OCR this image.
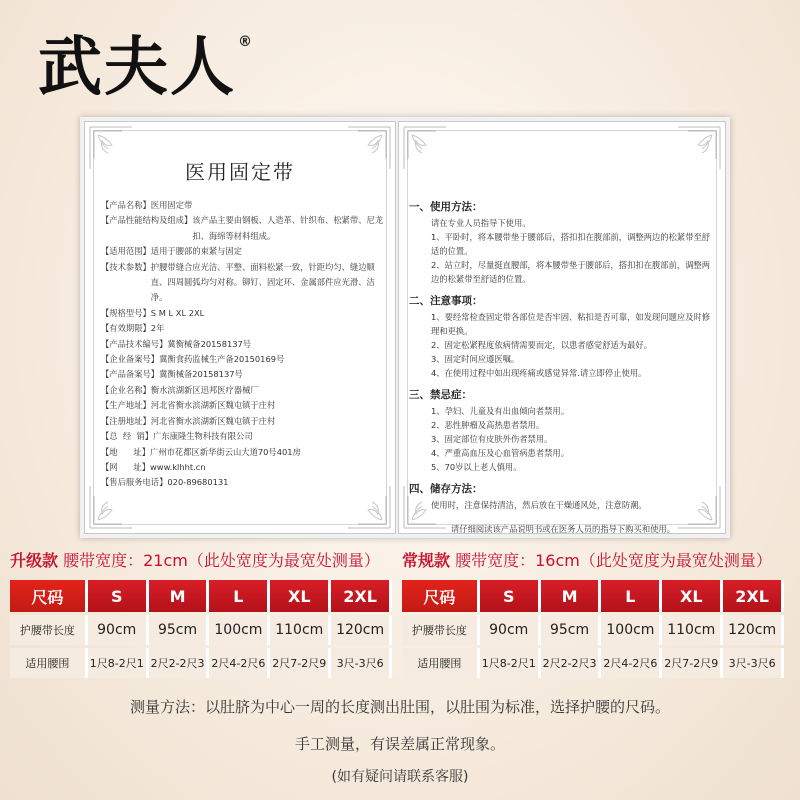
武夫人 ®
医用固定带
【产品名称】 医用固定带
【产品性能结构及组成】 该产品主要由钢板、人造革、针织布、松紧带、尼龙扣、海绵等材料组成。
【适用范围】 适用于腰部的束紧与固定
【技术参数】 护腰带缝合应光洁、平整、面料松紧一致，针距均匀、缝边顺直、四周圆弧均匀对称。铆钉、固定环、金属部件应光滑、洁净。
【规格型号】 S M L XL 2XL
【有效期限】 2年
【产品技术编号】 冀衡械备20158137号
【企业备案号】 冀衡食药监械生产备20150169号
【产品备案号】 冀衡械备20158137号
【企业名称】 衡水滨湖新区迅邦医疗器械厂
【生产地址】 河北省衡水滨湖新区魏屯镇于庄村
【注册地址】 河北省衡水滨湖新区魏屯镇于庄村
【总  经  销】 广东康隆生物科技有限公司
【地      址】 广州市花都区新华街云山大道70号401房
【网      址】 www.klhht.cn
【售后服务电话】 020-89680131
一、使用方法：
请在专业人员指导下使用。
1、平卧时，将本腰带垫于腰部后，搭扣扣在腹部前，调整两边的松紧带至舒适的位置。
2、站立时，尽量挺直腰部，将本腰带垫于腰部后，搭扣扣在腹部前，调整两边的松紧带至舒适的位置。
二、注意事项：
1、要经常检查固定带各部位是否牢固、粘扣是否可靠，如发现问题应及时修理和更换。
2、固定松紧程度依病情需要而定，以患者感觉舒适为最好。
3、固定时间应遵医嘱。
4、在使用过程中如出现疼痛或感觉异常.请立即停止使用。
三、禁忌症：
1、孕妇、儿童及有出血倾向者禁用。
2、恶性肿瘤及高热患者禁用。
3、固定部位有皮肤外伤者禁用。
4、严重高血压及心血管病患者禁用。
5、70岁以上老人慎用。
四、储存方法：
使用时，注意保持清洁，然后放在干燥通风处，注意防潮。
请仔细阅读该产品说明书或在医务人员的指导下购买和使用。
升级款 腰带宽度：21cm（此处宽度为最宽处测量） 常规款 腰带宽度：16cm（此处宽度为最宽处测量）
尺码	S	M	L	XL	2XL
护腰带长度	90cm	95cm	100cm 110cm 120cm
适用腰围	1尺8-2尺1 2尺2-2尺3 2尺4-2尺6 2尺7-2尺9 3尺-3尺6
尺码	S	M	L	XL	2XL
护腰带长度	90cm	95cm	100cm 110cm 120cm
适用腰围	1尺8-2尺1 2尺2-2尺3 2尺4-2尺6 2尺7-2尺9 3尺-3尺6
测量方法：以肚脐为中心一周的长度测出肚围，以肚围为标准，选择护腰的尺码。
手工测量，有误差属正常现象。
(如有疑问请联系客服)
